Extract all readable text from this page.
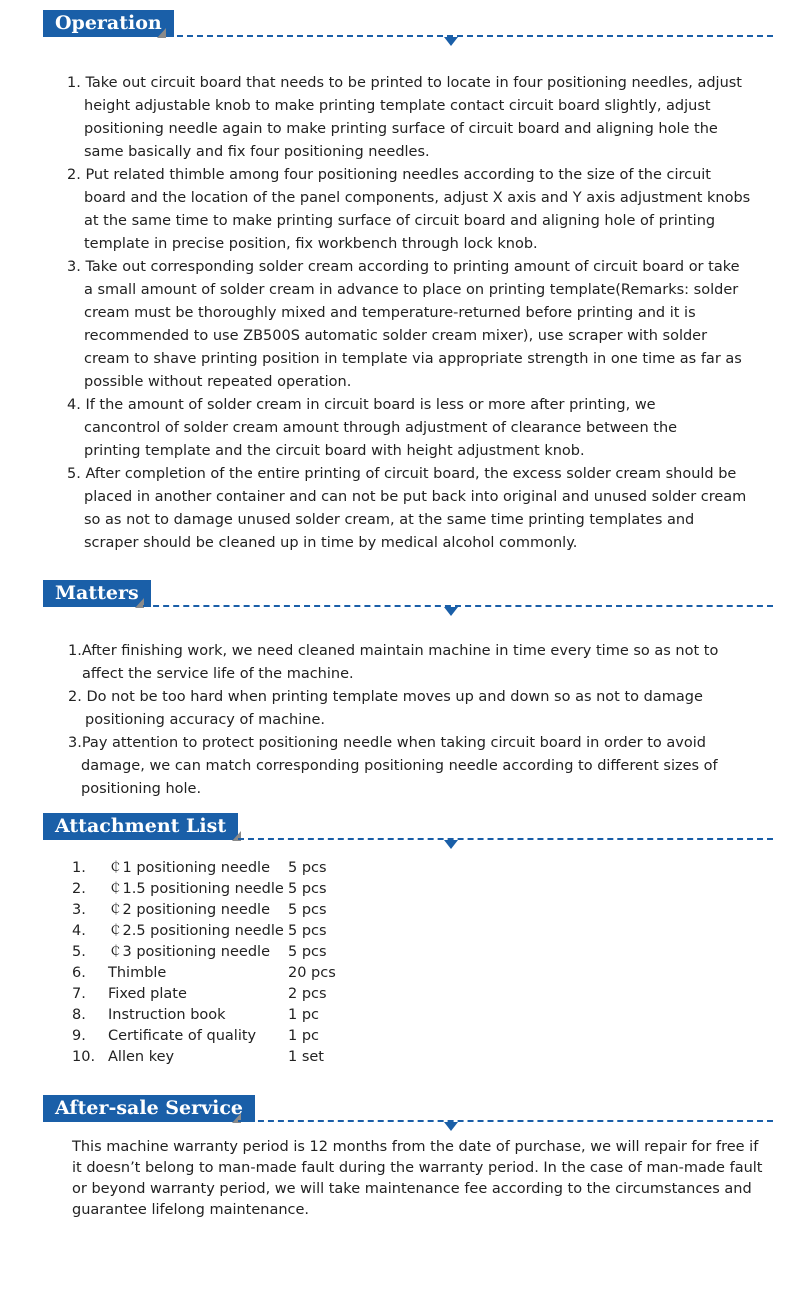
Operation
1. Take out circuit board that needs to be printed to locate in four positioning needles, adjust height adjustable knob to make printing template contact circuit board slightly, adjust positioning needle again to make printing surface of circuit board and aligning hole the same basically and fix four positioning needles.
2. Put related thimble among four positioning needles according to the size of the circuit board and the location of the panel components, adjust X axis and Y axis adjustment knobs at the same time to make printing surface of circuit board and aligning hole of printing template in precise position, fix workbench through lock knob.
3. Take out corresponding solder cream according to printing amount of circuit board or take a small amount of solder cream in advance to place on printing template(Remarks: solder cream must be thoroughly mixed and temperature-returned before printing and it is recommended to use ZB500S automatic solder cream mixer), use scraper with solder cream to shave printing position in template via appropriate strength in one time as far as possible without repeated operation.
4. If the amount of solder cream in circuit board is less or more after printing, we cancontrol of solder cream amount through adjustment of clearance between the printing template and the circuit board with height adjustment knob.
5. After completion of the entire printing of circuit board, the excess solder cream should be placed in another container and can not be put back into original and unused solder cream so as not to damage unused solder cream, at the same time printing templates and scraper should be cleaned up in time by medical alcohol commonly.
Matters
1.After finishing work, we need cleaned maintain machine in time every time so as not to affect the service life of the machine.
2. Do not be too hard when printing template moves up and down so as not to damage positioning accuracy of machine.
3.Pay attention to protect positioning needle when taking circuit board in order to avoid damage, we can match corresponding positioning needle according to different sizes of positioning hole.
Attachment List
1. ￠1 positioning needle 5 pcs
2. ￠1.5 positioning needle 5 pcs
3. ￠2 positioning needle 5 pcs
4. ￠2.5 positioning needle 5 pcs
5. ￠3 positioning needle 5 pcs
6. Thimble	20 pcs
7. Fixed plate	2 pcs
8. Instruction book	1 pc
9. Certificate of quality 1 pc
10. Allen key	1 set
After-sale Service
This machine warranty period is 12 months from the date of purchase, we will repair for free if it doesn’t belong to man-made fault during the warranty period. In the case of man-made fault or beyond warranty period, we will take maintenance fee according to the circumstances and guarantee lifelong maintenance.
